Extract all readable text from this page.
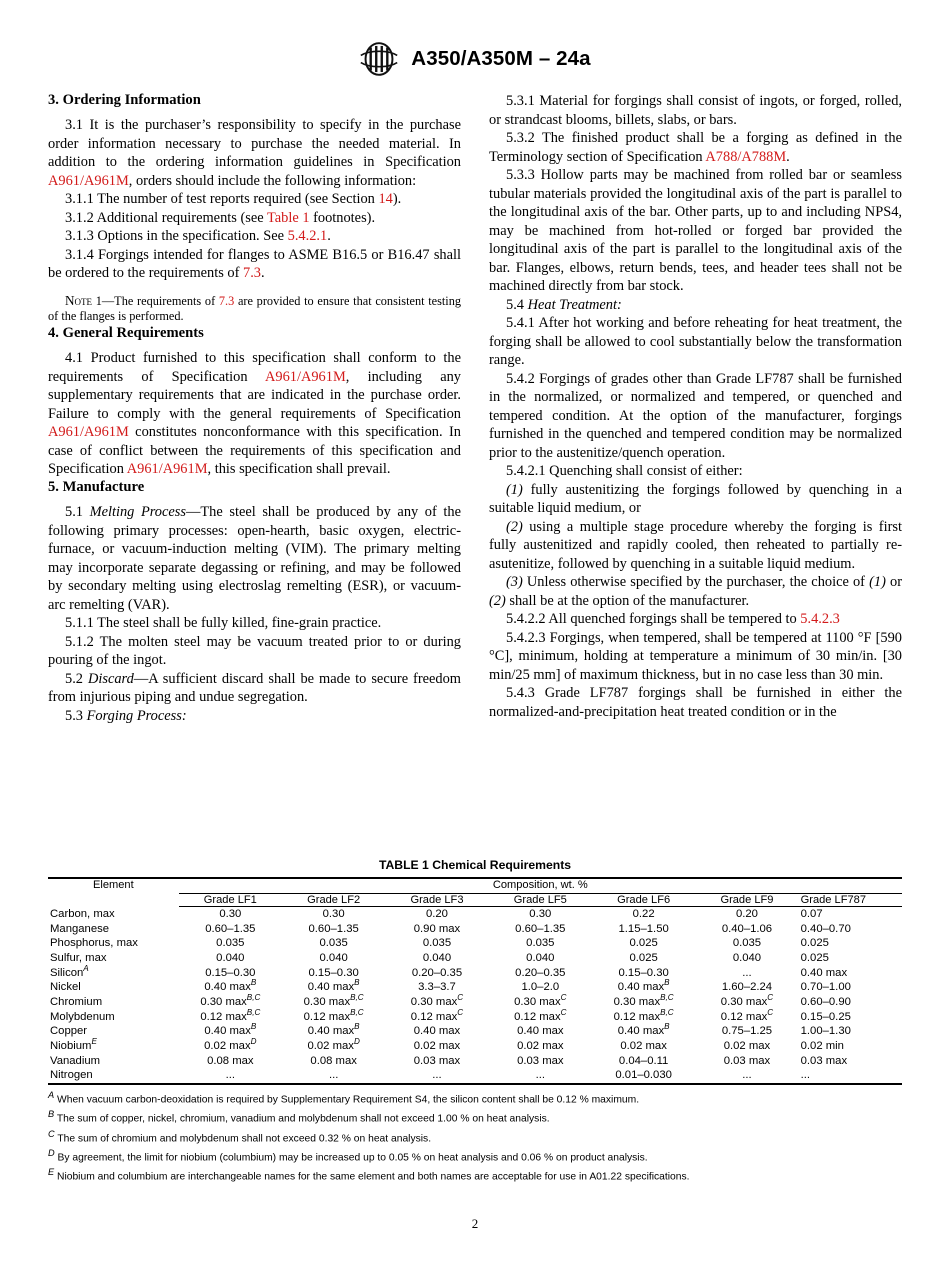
A350/A350M – 24a
3. Ordering Information

3.1 It is the purchaser’s responsibility to specify in the purchase order information necessary to purchase the needed material. In addition to the ordering information guidelines in Specification A961/A961M, orders should include the following information:

3.1.1 The number of test reports required (see Section 14).

3.1.2 Additional requirements (see Table 1 footnotes).

3.1.3 Options in the specification. See 5.4.2.1.

3.1.4 Forgings intended for flanges to ASME B16.5 or B16.47 shall be ordered to the requirements of 7.3.

Note 1—The requirements of 7.3 are provided to ensure that consistent testing of the flanges is performed.

4. General Requirements

4.1 Product furnished to this specification shall conform to the requirements of Specification A961/A961M, including any supplementary requirements that are indicated in the purchase order. Failure to comply with the general requirements of Specification A961/A961M constitutes nonconformance with this specification. In case of conflict between the requirements of this specification and Specification A961/A961M, this specification shall prevail.

5. Manufacture

5.1 Melting Process—The steel shall be produced by any of the following primary processes: open-hearth, basic oxygen, electric-furnace, or vacuum-induction melting (VIM). The primary melting may incorporate separate degassing or refining, and may be followed by secondary melting using electroslag remelting (ESR), or vacuum-arc remelting (VAR).

5.1.1 The steel shall be fully killed, fine-grain practice.

5.1.2 The molten steel may be vacuum treated prior to or during pouring of the ingot.

5.2 Discard—A sufficient discard shall be made to secure freedom from injurious piping and undue segregation.

5.3 Forging Process:

5.3.1 Material for forgings shall consist of ingots, or forged, rolled, or strandcast blooms, billets, slabs, or bars.

5.3.2 The finished product shall be a forging as defined in the Terminology section of Specification A788/A788M.

5.3.3 Hollow parts may be machined from rolled bar or seamless tubular materials provided the longitudinal axis of the part is parallel to the longitudinal axis of the bar. Other parts, up to and including NPS4, may be machined from hot-rolled or forged bar provided the longitudinal axis of the part is parallel to the longitudinal axis of the bar. Flanges, elbows, return bends, tees, and header tees shall not be machined directly from bar stock.

5.4 Heat Treatment:

5.4.1 After hot working and before reheating for heat treatment, the forging shall be allowed to cool substantially below the transformation range.

5.4.2 Forgings of grades other than Grade LF787 shall be furnished in the normalized, or normalized and tempered, or quenched and tempered condition. At the option of the manufacturer, forgings furnished in the quenched and tempered condition may be normalized prior to the austenitize/quench operation.

5.4.2.1 Quenching shall consist of either:

(1) fully austenitizing the forgings followed by quenching in a suitable liquid medium, or

(2) using a multiple stage procedure whereby the forging is first fully austenitized and rapidly cooled, then reheated to partially re-asutenitize, followed by quenching in a suitable liquid medium.

(3) Unless otherwise specified by the purchaser, the choice of (1) or (2) shall be at the option of the manufacturer.

5.4.2.2 All quenched forgings shall be tempered to 5.4.2.3

5.4.2.3 Forgings, when tempered, shall be tempered at 1100 °F [590 °C], minimum, holding at temperature a minimum of 30 min/in. [30 min/25 mm] of maximum thickness, but in no case less than 30 min.

5.4.3 Grade LF787 forgings shall be furnished in either the normalized-and-precipitation heat treated condition or in the

TABLE 1 Chemical Requirements
Element	Composition, wt. %						
	Grade LF1	Grade LF2	Grade LF3	Grade LF5	Grade LF6	Grade LF9	Grade LF787
Carbon, max	0.30	0.30	0.20	0.30	0.22	0.20	0.07
Manganese	0.60–1.35	0.60–1.35	0.90 max	0.60–1.35	1.15–1.50	0.40–1.06	0.40–0.70
Phosphorus, max	0.035	0.035	0.035	0.035	0.025	0.035	0.025
Sulfur, max	0.040	0.040	0.040	0.040	0.025	0.040	0.025
Silicon$^A$	0.15–0.30	0.15–0.30	0.20–0.35	0.20–0.35	0.15–0.30	...	0.40 max
Nickel	0.40 $\max^B$	0.40 $\max^B$	3.3–3.7	1.0–2.0	0.40 $\max^B$	1.60–2.24	0.70–1.00
Chromium	0.30 $\max^{B,C}$	0.30 $\max^{B,C}$	0.30 $\max^C$	0.30 $\max^C$	0.30 $\max^{B,C}$	0.30 $\max^C$	0.60–0.90
Molybdenum	0.12 $\max^{B,C}$	0.12 $\max^{B,C}$	0.12 $\max^C$	0.12 $\max^C$	0.12 $\max^{B,C}$	0.12 $\max^C$	0.15–0.25
Copper	0.40 $\max^B$	0.40 $\max^B$	0.40 max	0.40 max	0.40 $\max^B$	0.75–1.25	1.00–1.30
Niobium$^E$	0.02 $\max^D$	0.02 $\max^D$	0.02 max	0.02 max	0.02 max	0.02 max	0.02 min
Vanadium	0.08 max	0.08 max	0.03 max	0.03 max	0.04–0.11	0.03 max	0.03 max
Nitrogen	...	...	...	...	0.01–0.030	...	...
A When vacuum carbon-deoxidation is required by Supplementary Requirement S4, the silicon content shall be 0.12 % maximum.
B The sum of copper, nickel, chromium, vanadium and molybdenum shall not exceed 1.00 % on heat analysis.
C The sum of chromium and molybdenum shall not exceed 0.32 % on heat analysis.
D By agreement, the limit for niobium (columbium) may be increased up to 0.05 % on heat analysis and 0.06 % on product analysis.
E Niobium and columbium are interchangeable names for the same element and both names are acceptable for use in A01.22 specifications.
2
